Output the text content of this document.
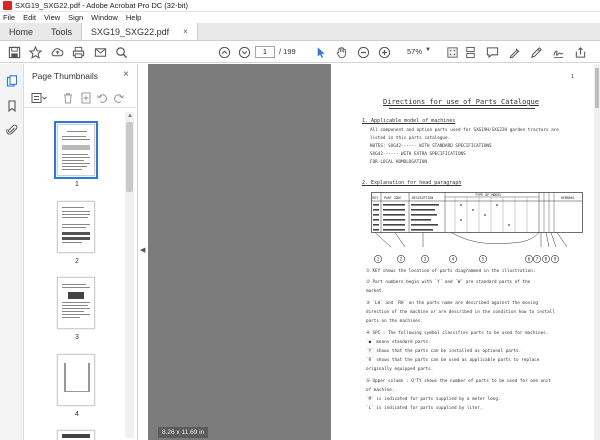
SXG19_SXG22.pdf - Adobe Acrobat Pro DC (32-bit)
File Edit View Sign Window Help
Home	Tools	SXG19_SXG22.pdf ×
1	/ 199	57% ▼
Page Thumbnails	×
▲
1
2
3
4
◀
1
Directions for use of Parts Catalogue
1. Applicable model of machines
All component and option parts used for SXG19H/SXG22H garden tractors are
listed in this parts catalogue.
NOTES: SXG42------ WITH STANDARD SPECIFICATIONS
SXG42------ WITH EXTRA SPECIFICATIONS
FOR LOCAL HOMOLOGATION
2. Explanation for head paragraph
KEY PART CODE	DESCRIPTION
TYPE OF MODEL
REMARKS
1	2	3	4	5	6 7 8 9
① KEY shows the location of parts diagrammed in the illustration.
② Part numbers begin with `Y´ and `W´ are standard parts of the
market.
③ `LH´ and `RH´ on the parts name are described against the moving
direction of the machine or are described in the condition how to install
parts on the machines.
④ SPC : The following symbol classifies parts to be used for machines.
`●´ means standard parts.
`Y´ shows that the parts can be installed as optional parts.
`R´ shows that the parts can be used as applicable parts to replace
originally equipped parts.
⑤ Upper column : Q'TY shows the number of parts to be used for one unit
of machine.
`M´ is indicated for parts supplied by a meter long.
`L´ is indicated for parts supplied by liter.
8.26 x 11.69 in
